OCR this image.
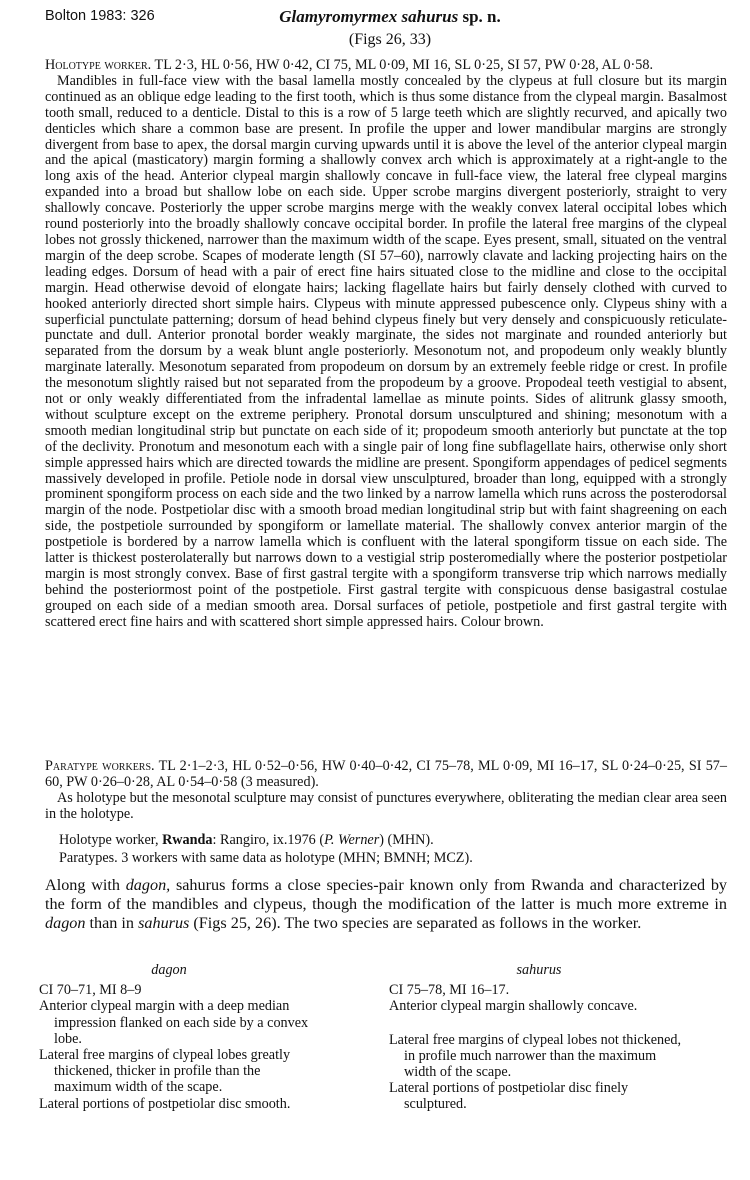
Bolton 1983: 326	Glamyromyrmex sahurus sp. n.
(Figs 26, 33)

Holotype worker. TL 2·3, HL 0·56, HW 0·42, CI 75, ML 0·09, MI 16, SL 0·25, SI 57, PW 0·28, AL 0·58.

Mandibles in full-face view with the basal lamella mostly concealed by the clypeus at full closure but its margin continued as an oblique edge leading to the first tooth, which is thus some distance from the clypeal margin. Basalmost tooth small, reduced to a denticle. Distal to this is a row of 5 large teeth which are slightly recurved, and apically two denticles which share a common base are present. In profile the upper and lower mandibular margins are strongly divergent from base to apex, the dorsal margin curving upwards until it is above the level of the anterior clypeal margin and the apical (masticatory) margin forming a shallowly convex arch which is approximately at a right-angle to the long axis of the head. Anterior clypeal margin shallowly concave in full-face view, the lateral free clypeal margins expanded into a broad but shallow lobe on each side. Upper scrobe margins divergent posteriorly, straight to very shallowly concave. Posteriorly the upper scrobe margins merge with the weakly convex lateral occipital lobes which round posteriorly into the broadly shallowly concave occipital border. In profile the lateral free margins of the clypeal lobes not grossly thickened, narrower than the maximum width of the scape. Eyes present, small, situated on the ventral margin of the deep scrobe. Scapes of moderate length (SI 57–60), narrowly clavate and lacking projecting hairs on the leading edges. Dorsum of head with a pair of erect fine hairs situated close to the midline and close to the occipital margin. Head otherwise devoid of elongate hairs; lacking flagellate hairs but fairly densely clothed with curved to hooked anteriorly directed short simple hairs. Clypeus with minute appressed pubescence only. Clypeus shiny with a superficial punctulate patterning; dorsum of head behind clypeus finely but very densely and conspicuously reticulate-punctate and dull. Anterior pronotal border weakly marginate, the sides not marginate and rounded anteriorly but separated from the dorsum by a weak blunt angle posteriorly. Mesonotum not, and propodeum only weakly bluntly marginate laterally. Mesonotum separated from propodeum on dorsum by an extremely feeble ridge or crest. In profile the mesonotum slightly raised but not separated from the propodeum by a groove. Propodeal teeth vestigial to absent, not or only weakly differentiated from the infradental lamellae as minute points. Sides of alitrunk glassy smooth, without sculpture except on the extreme periphery. Pronotal dorsum unsculptured and shining; mesonotum with a smooth median longitudinal strip but punctate on each side of it; propodeum smooth anteriorly but punctate at the top of the declivity. Pronotum and mesonotum each with a single pair of long fine subflagellate hairs, otherwise only short simple appressed hairs which are directed towards the midline are present. Spongiform appendages of pedicel segments massively developed in profile. Petiole node in dorsal view unsculptured, broader than long, equipped with a strongly prominent spongiform process on each side and the two linked by a narrow lamella which runs across the posterodorsal margin of the node. Postpetiolar disc with a smooth broad median longitudinal strip but with faint shagreening on each side, the postpetiole surrounded by spongiform or lamellate material. The shallowly convex anterior margin of the postpetiole is bordered by a narrow lamella which is confluent with the lateral spongiform tissue on each side. The latter is thickest posterolaterally but narrows down to a vestigial strip posteromedially where the posterior postpetiolar margin is most strongly convex. Base of first gastral tergite with a spongiform transverse trip which narrows medially behind the posteriormost point of the postpetiole. First gastral tergite with conspicuous dense basigastral costulae grouped on each side of a median smooth area. Dorsal surfaces of petiole, postpetiole and first gastral tergite with scattered erect fine hairs and with scattered short simple appressed hairs. Colour brown.

Paratype workers. TL 2·1–2·3, HL 0·52–0·56, HW 0·40–0·42, CI 75–78, ML 0·09, MI 16–17, SL 0·24–0·25, SI 57–60, PW 0·26–0·28, AL 0·54–0·58 (3 measured).

As holotype but the mesonotal sculpture may consist of punctures everywhere, obliterating the median clear area seen in the holotype.

Holotype worker, Rwanda: Rangiro, ix.1976 (P. Werner) (MHN).
Paratypes. 3 workers with same data as holotype (MHN; BMNH; MCZ).
Along with dagon, sahurus forms a close species-pair known only from Rwanda and characterized by the form of the mandibles and clypeus, though the modification of the latter is much more extreme in dagon than in sahurus (Figs 25, 26). The two species are separated as follows in the worker.
dagon
CI 70–71, MI 8–9
Anterior clypeal margin with a deep median impression flanked on each side by a convex lobe.
Lateral free margins of clypeal lobes greatly thickened, thicker in profile than the maximum width of the scape.
Lateral portions of postpetiolar disc smooth.
sahurus
CI 75–78, MI 16–17.
Anterior clypeal margin shallowly concave.
Lateral free margins of clypeal lobes not thickened, in profile much narrower than the maximum width of the scape.
Lateral portions of postpetiolar disc finely sculptured.
